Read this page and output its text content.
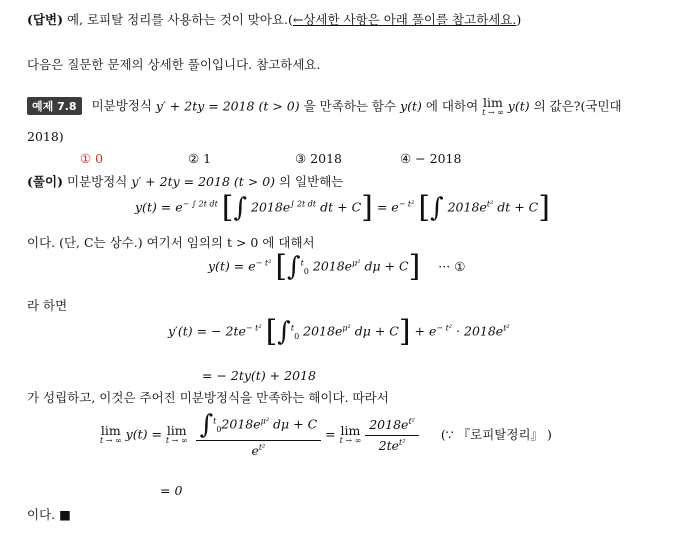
(답변) 예, 로피탈 정리를 사용하는 것이 맞아요.(←상세한 사항은 아래 풀이를 참고하세요.)
다음은 질문한 문제의 상세한 풀이입니다. 참고하세요.
예제 7.8 미분방정식 y′ + 2ty = 2018 (t > 0) 을 만족하는 함수 y(t) 에 대하여 lim
t → ∞ y(t) 의 값은?(국민대
2018)
① 0	② 1	③ 2018	④ − 2018
(풀이) 미분방정식 y′ + 2ty = 2018 (t > 0) 의 일반해는
$y(t) = e^{- \int 2t dt}$ [∫ $2018e^{\int 2t dt}$ dt + $C] = e^{- t^2}$ [∫ $2018e^{t^2}$ dt + C]
이다. (단, C는 상수.) 여기서 임의의 t > 0 에 대해서
$y(t) = e^{- t^2}$ [∫$^t_0$ $2018e^{\mu^2}$ dμ + C] ··· ①
라 하면
y′(t) = − $2te^{- t^2}$ [∫$^t_0$ $2018e^{\mu^2}$ $d\mu + C] + e^{- t^2} \cdot 2018e^{t^2}$
= − 2ty(t) + 2018
가 성립하고, 이것은 주어진 미분방정식을 만족하는 해이다. 따라서
lim
t → ∞ y(t) = lim
t → ∞
$\frac{\int^t_02018e^{\mu^2} d\mu + C}{e^{t^2}} = \lim$
t → ∞
$\frac{2018e^{t^2}}{2te^{t^2}}$ (∵ 『로피탈정리』 )
= 0
이다. ■
